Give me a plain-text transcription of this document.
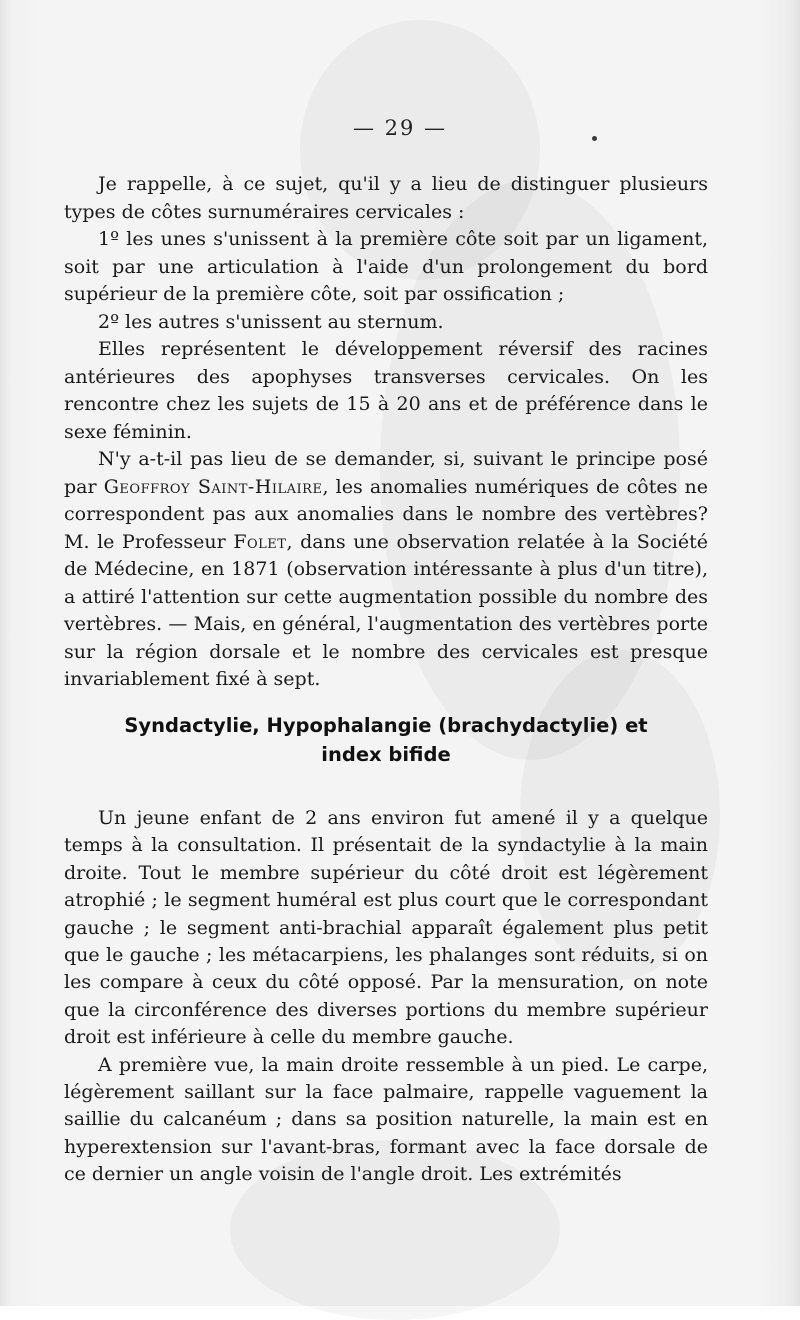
— 29 —

Je rappelle, à ce sujet, qu'il y a lieu de distinguer plusieurs types de côtes surnuméraires cervicales :

1º les unes s'unissent à la première côte soit par un ligament, soit par une articulation à l'aide d'un prolongement du bord supérieur de la première côte, soit par ossification ;

2º les autres s'unissent au sternum.

Elles représentent le développement réversif des racines antérieures des apophyses transverses cervicales. On les rencontre chez les sujets de 15 à 20 ans et de préférence dans le sexe féminin.

N'y a-t-il pas lieu de se demander, si, suivant le principe posé par Geoffroy Saint-Hilaire, les anomalies numériques de côtes ne correspondent pas aux anomalies dans le nombre des vertèbres? M. le Professeur Folet, dans une observation relatée à la Société de Médecine, en 1871 (observation intéressante à plus d'un titre), a attiré l'attention sur cette augmentation possible du nombre des vertèbres. — Mais, en général, l'augmentation des vertèbres porte sur la région dorsale et le nombre des cervicales est presque invariablement fixé à sept.

Syndactylie, Hypophalangie (brachydactylie) et
index bifide

Un jeune enfant de 2 ans environ fut amené il y a quelque temps à la consultation. Il présentait de la syndactylie à la main droite. Tout le membre supérieur du côté droit est légèrement atrophié ; le segment huméral est plus court que le correspondant gauche ; le segment anti-brachial apparaît également plus petit que le gauche ; les métacarpiens, les phalanges sont réduits, si on les compare à ceux du côté opposé. Par la mensuration, on note que la circonférence des diverses portions du membre supérieur droit est inférieure à celle du membre gauche.

A première vue, la main droite ressemble à un pied. Le carpe, légèrement saillant sur la face palmaire, rappelle vaguement la saillie du calcanéum ; dans sa position naturelle, la main est en hyperextension sur l'avant-bras, formant avec la face dorsale de ce dernier un angle voisin de l'angle droit. Les extrémités
